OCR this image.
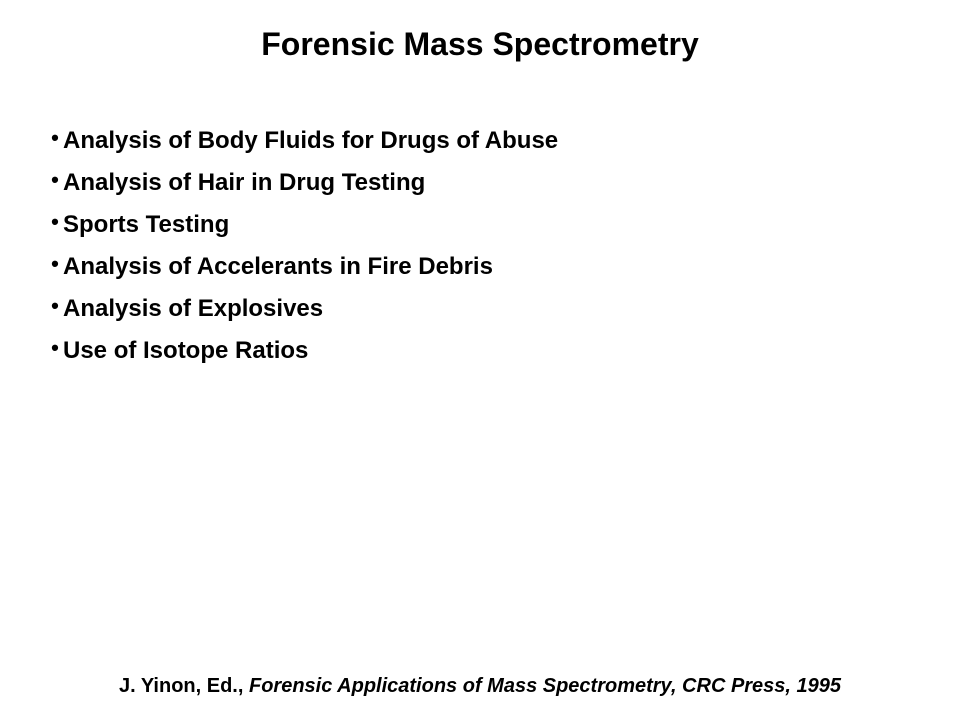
Forensic Mass Spectrometry
• Analysis of Body Fluids for Drugs of Abuse
• Analysis of Hair in Drug Testing
• Sports Testing
• Analysis of Accelerants in Fire Debris
• Analysis of Explosives
• Use of Isotope Ratios
J. Yinon, Ed., Forensic Applications of Mass Spectrometry, CRC Press, 1995
